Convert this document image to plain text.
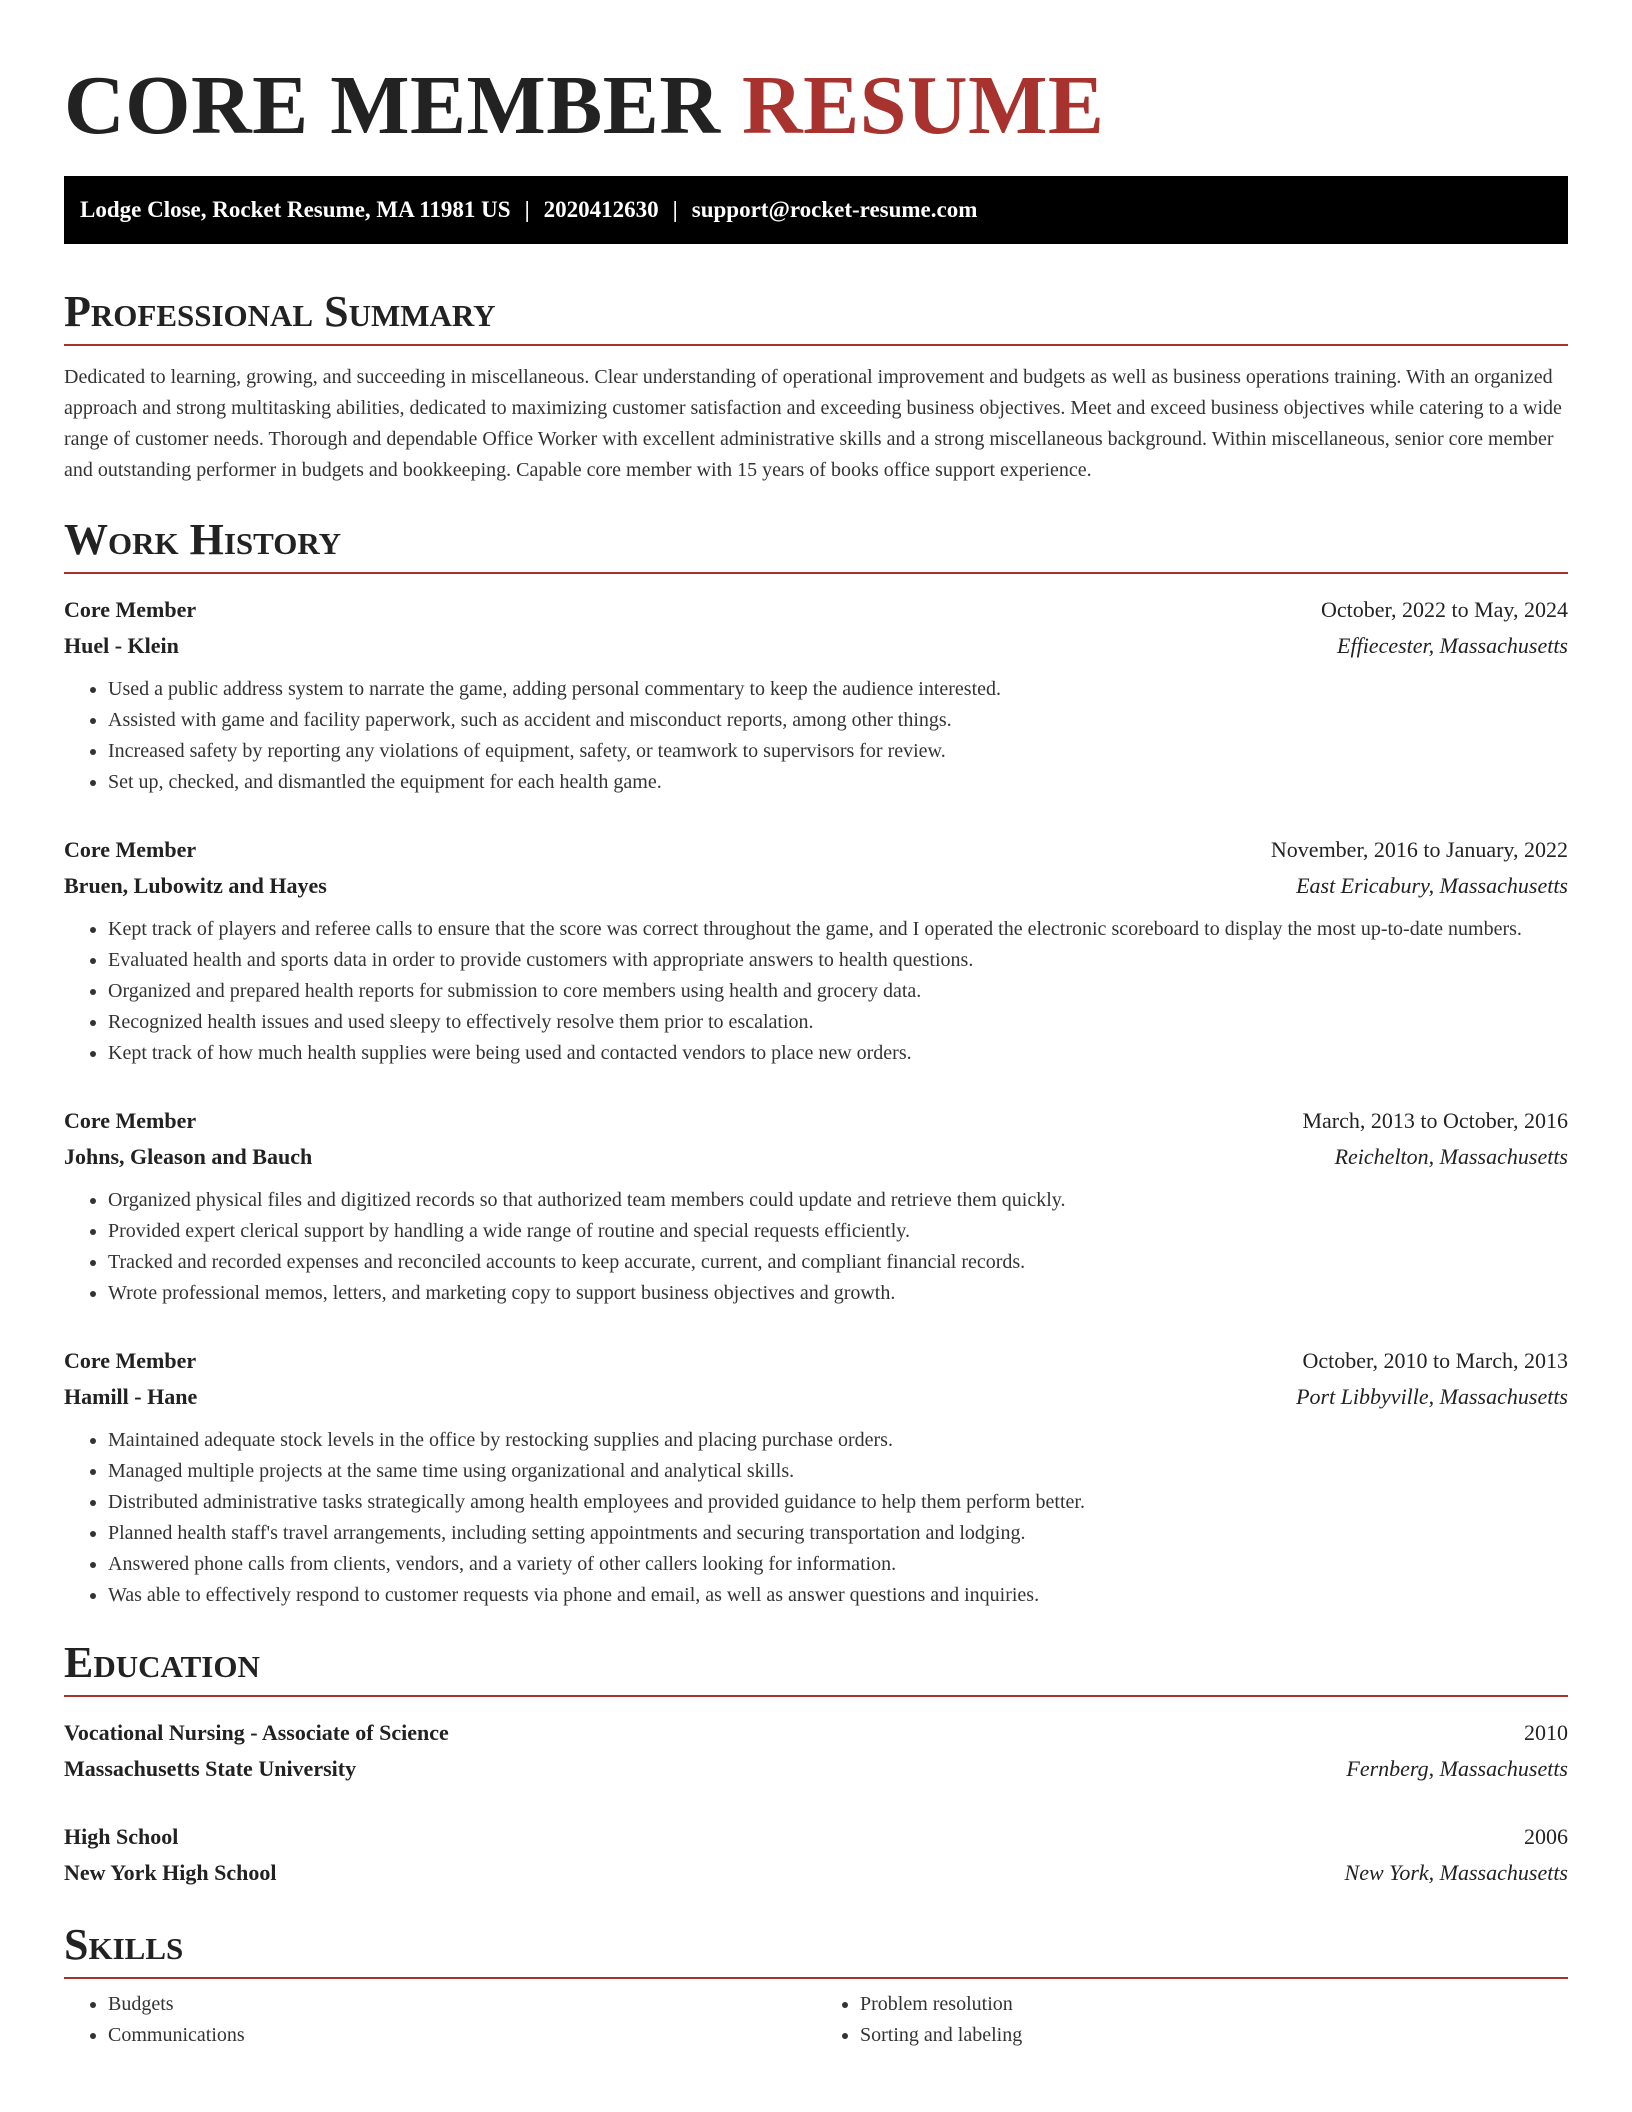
CORE MEMBER RESUME
Lodge Close, Rocket Resume, MA 11981 US | 2020412630 | support@rocket-resume.com
Professional Summary

Dedicated to learning, growing, and succeeding in miscellaneous. Clear understanding of operational improvement and budgets as well as business operations training. With an organized approach and strong multitasking abilities, dedicated to maximizing customer satisfaction and exceeding business objectives. Meet and exceed business objectives while catering to a wide range of customer needs. Thorough and dependable Office Worker with excellent administrative skills and a strong miscellaneous background. Within miscellaneous, senior core member and outstanding performer in budgets and bookkeeping. Capable core member with 15 years of books office support experience.

Work History
Core Member	October, 2022 to May, 2024
Huel - Klein	Effiecester, Massachusetts
• Used a public address system to narrate the game, adding personal commentary to keep the audience interested.
• Assisted with game and facility paperwork, such as accident and misconduct reports, among other things.
• Increased safety by reporting any violations of equipment, safety, or teamwork to supervisors for review.
• Set up, checked, and dismantled the equipment for each health game.
Core Member	November, 2016 to January, 2022
Bruen, Lubowitz and Hayes	East Ericabury, Massachusetts
• Kept track of players and referee calls to ensure that the score was correct throughout the game, and I operated the electronic scoreboard to display the most up-to-date numbers.
• Evaluated health and sports data in order to provide customers with appropriate answers to health questions.
• Organized and prepared health reports for submission to core members using health and grocery data.
• Recognized health issues and used sleepy to effectively resolve them prior to escalation.
• Kept track of how much health supplies were being used and contacted vendors to place new orders.
Core Member	March, 2013 to October, 2016
Johns, Gleason and Bauch	Reichelton, Massachusetts
• Organized physical files and digitized records so that authorized team members could update and retrieve them quickly.
• Provided expert clerical support by handling a wide range of routine and special requests efficiently.
• Tracked and recorded expenses and reconciled accounts to keep accurate, current, and compliant financial records.
• Wrote professional memos, letters, and marketing copy to support business objectives and growth.
Core Member	October, 2010 to March, 2013
Hamill - Hane	Port Libbyville, Massachusetts
• Maintained adequate stock levels in the office by restocking supplies and placing purchase orders.
• Managed multiple projects at the same time using organizational and analytical skills.
• Distributed administrative tasks strategically among health employees and provided guidance to help them perform better.
• Planned health staff's travel arrangements, including setting appointments and securing transportation and lodging.
• Answered phone calls from clients, vendors, and a variety of other callers looking for information.
• Was able to effectively respond to customer requests via phone and email, as well as answer questions and inquiries.
Education
Vocational Nursing - Associate of Science	2010
Massachusetts State University	Fernberg, Massachusetts
High School	2006
New York High School	New York, Massachusetts
Skills
• Budgets
• Communications
• Problem resolution
• Sorting and labeling
